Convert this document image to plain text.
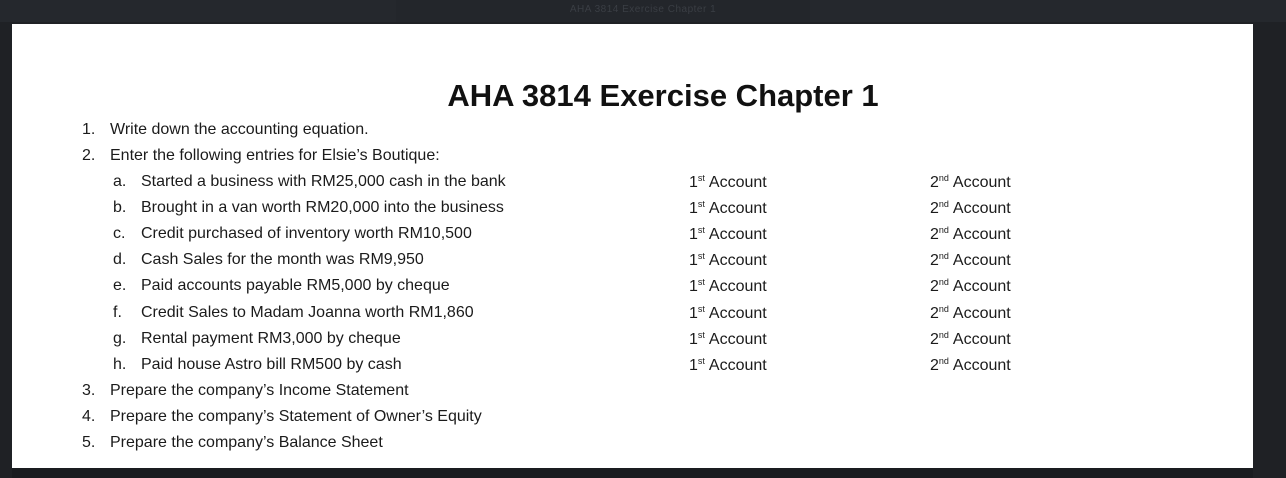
AHA 3814 Exercise Chapter 1
AHA 3814 Exercise Chapter 1
1. Write down the accounting equation.
2. Enter the following entries for Elsie’s Boutique:
a. Started a business with RM25,000 cash in the bank	1st Account	2nd Account
b. Brought in a van worth RM20,000 into the business	1st Account	2nd Account
c. Credit purchased of inventory worth RM10,500	1st Account	2nd Account
d. Cash Sales for the month was RM9,950	1st Account	2nd Account
e. Paid accounts payable RM5,000 by cheque	1st Account	2nd Account
f. Credit Sales to Madam Joanna worth RM1,860	1st Account	2nd Account
g. Rental payment RM3,000 by cheque	1st Account	2nd Account
h. Paid house Astro bill RM500 by cash	1st Account	2nd Account
3. Prepare the company’s Income Statement
4. Prepare the company’s Statement of Owner’s Equity
5. Prepare the company’s Balance Sheet
